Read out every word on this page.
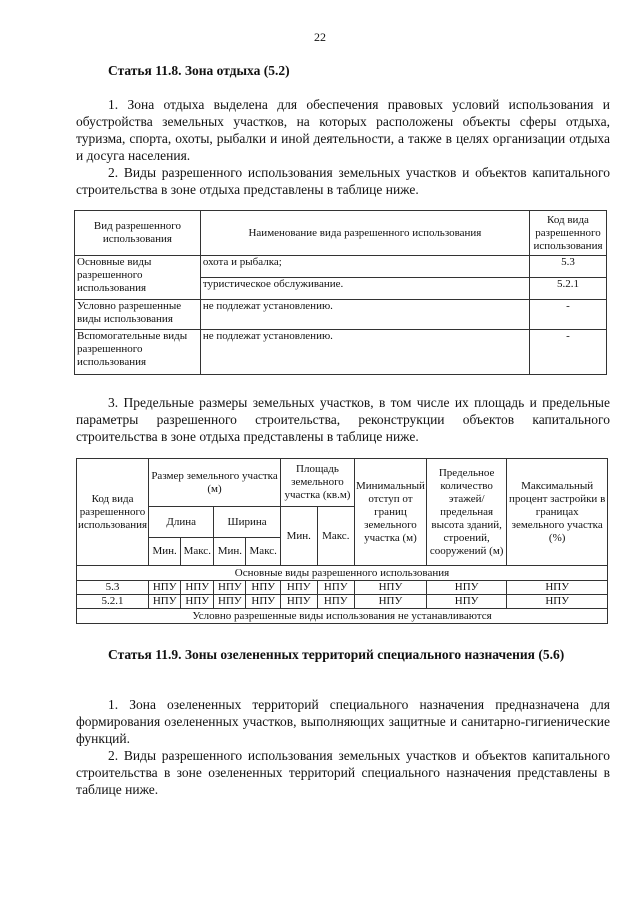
22
Статья 11.8. Зона отдыха (5.2)
1. Зона отдыха выделена для обеспечения правовых условий использования и обустройства земельных участков, на которых расположены объекты сферы отдыха, туризма, спорта, охоты, рыбалки и иной деятельности, а также в целях организации отдыха и досуга населения.
2. Виды разрешенного использования земельных участков и объектов капитального строительства в зоне отдыха представлены в таблице ниже.
Вид разрешенного использования	Наименование вида разрешенного использования	Код вида разрешенного использования
Основные виды разрешенного использования	охота и рыбалка;	5.3
	туристическое обслуживание.	5.2.1
Условно разрешенные виды использования	не подлежат установлению.	-
Вспомогательные виды разрешенного использования	не подлежат установлению.	-
3. Предельные размеры земельных участков, в том числе их площадь и предельные параметры разрешенного строительства, реконструкции объектов капитального строительства в зоне отдыха представлены в таблице ниже.
Код вида разрешенного использования	Размер земельного участка (м)				Площадь земельного участка (кв.м)		Минимальный отступ от границ земельного участка (м)	Предельное количество этажей/ предельная высота зданий, строений, сооружений (м)	Максимальный процент застройки в границах земельного участка (%)
	Длина		Ширина		Мин.	Макс.			
	Мин.	Макс.	Мин.	Макс.					
Основные виды разрешенного использования									
5.3	НПУ	НПУ	НПУ	НПУ	НПУ	НПУ	НПУ	НПУ	НПУ
5.2.1	НПУ	НПУ	НПУ	НПУ	НПУ	НПУ	НПУ	НПУ	НПУ
Условно разрешенные виды использования не устанавливаются									
Статья 11.9. Зоны озелененных территорий специального назначения (5.6)
1. Зона озелененных территорий специального назначения предназначена для формирования озелененных участков, выполняющих защитные и санитарно-гигиенические функций.
2. Виды разрешенного использования земельных участков и объектов капитального строительства в зоне озелененных территорий специального назначения представлены в таблице ниже.
